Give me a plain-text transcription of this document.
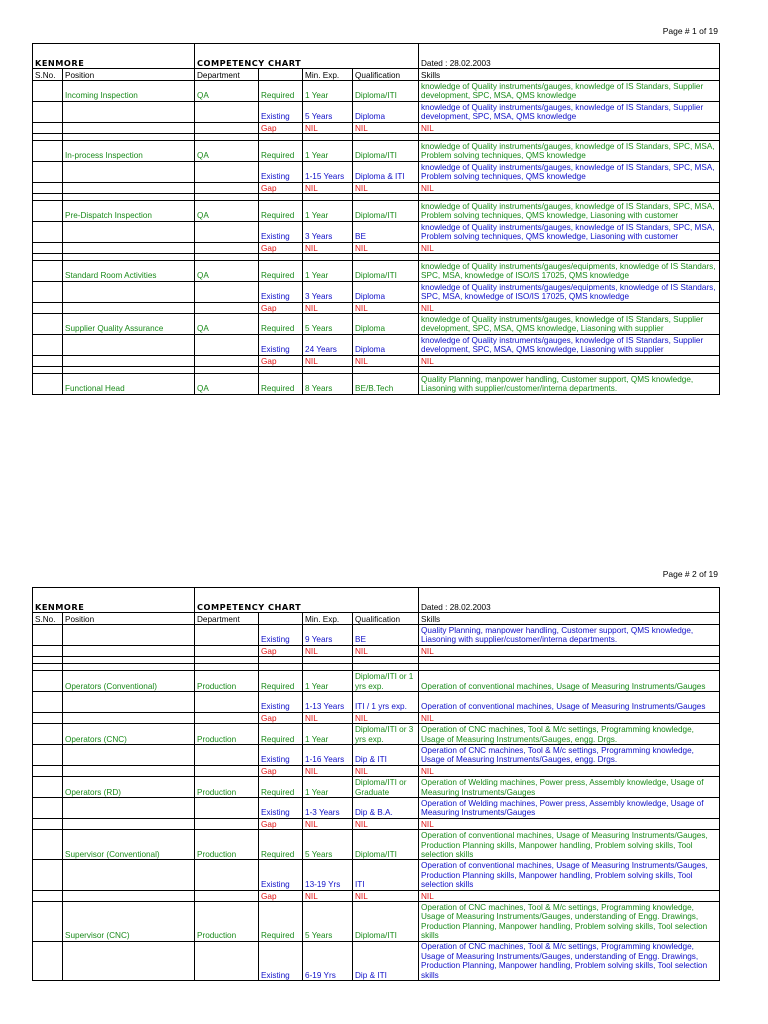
Page # 1 of 19
KENMORE		COMPETENCY CHART				Dated : 28.02.2003
S.No.	Position	Department		Min. Exp.	Qualification	Skills
	Incoming Inspection	QA	Required	1 Year	Diploma/ITI	knowledge of Quality instruments/gauges, knowledge of IS Standars, Supplier development, SPC, MSA, QMS knowledge
			Existing	5 Years	Diploma	knowledge of Quality instruments/gauges, knowledge of IS Standars, Supplier development, SPC, MSA, QMS knowledge
			Gap	NIL	NIL	NIL

	In-process Inspection	QA	Required	1 Year	Diploma/ITI	knowledge of Quality instruments/gauges, knowledge of IS Standars, SPC, MSA, Problem solving techniques, QMS knowledge
			Existing	1-15 Years	Diploma & ITI	knowledge of Quality instruments/gauges, knowledge of IS Standars, SPC, MSA, Problem solving techniques, QMS knowledge
			Gap	NIL	NIL	NIL

	Pre-Dispatch Inspection	QA	Required	1 Year	Diploma/ITI	knowledge of Quality instruments/gauges, knowledge of IS Standars, SPC, MSA, Problem solving techniques, QMS knowledge, Liasoning with customer
			Existing	3 Years	BE	knowledge of Quality instruments/gauges, knowledge of IS Standars, SPC, MSA, Problem solving techniques, QMS knowledge, Liasoning with customer
			Gap	NIL	NIL	NIL

	Standard Room Activities	QA	Required	1 Year	Diploma/ITI	knowledge of Quality instruments/gauges/equipments, knowledge of IS Standars, SPC, MSA, knowledge of ISO/IS 17025, QMS knowledge
			Existing	3 Years	Diploma	knowledge of Quality instruments/gauges/equipments, knowledge of IS Standars, SPC, MSA, knowledge of ISO/IS 17025, QMS knowledge
			Gap	NIL	NIL	NIL
	Supplier Quality Assurance	QA	Required	5 Years	Diploma	knowledge of Quality instruments/gauges, knowledge of IS Standars, Supplier development, SPC, MSA, QMS knowledge, Liasoning with supplier
			Existing	24 Years	Diploma	knowledge of Quality instruments/gauges, knowledge of IS Standars, Supplier development, SPC, MSA, QMS knowledge, Liasoning with supplier
			Gap	NIL	NIL	NIL

	Functional Head	QA	Required	8 Years	BE/B.Tech	Quality Planning, manpower handling, Customer support, QMS knowledge, Liasoning with supplier/customer/interna departments.
Page # 2 of 19
KENMORE		COMPETENCY CHART				Dated : 28.02.2003
S.No.	Position	Department		Min. Exp.	Qualification	Skills
			Existing	9 Years	BE	Quality Planning, manpower handling, Customer support, QMS knowledge, Liasoning with supplier/customer/interna departments.
			Gap	NIL	NIL	NIL

	Operators (Conventional)	Production	Required	1 Year	Diploma/ITI or 1 yrs exp.	Operation of conventional machines, Usage of Measuring Instruments/Gauges
			Existing	1-13 Years	ITI / 1 yrs exp.	Operation of conventional machines, Usage of Measuring Instruments/Gauges
			Gap	NIL	NIL	NIL
	Operators (CNC)	Production	Required	1 Year	Diploma/ITI or 3 yrs exp.	Operation of CNC machines, Tool & M/c settings, Programming knowledge, Usage of Measuring Instruments/Gauges, engg. Drgs.
			Existing	1-16 Years	Dip & ITI	Operation of CNC machines, Tool & M/c settings, Programming knowledge, Usage of Measuring Instruments/Gauges, engg. Drgs.
			Gap	NIL	NIL	NIL
	Operators (RD)	Production	Required	1 Year	Diploma/ITI or Graduate	Operation of Welding machines, Power press, Assembly knowledge, Usage of Measuring Instruments/Gauges
			Existing	1-3 Years	Dip & B.A.	Operation of Welding machines, Power press, Assembly knowledge, Usage of Measuring Instruments/Gauges
			Gap	NIL	NIL	NIL
	Supervisor (Conventional)	Production	Required	5 Years	Diploma/ITI	Operation of conventional machines, Usage of Measuring Instruments/Gauges, Production Planning skills, Manpower handling, Problem solving skills, Tool selection skills
			Existing	13-19 Yrs	ITI	Operation of conventional machines, Usage of Measuring Instruments/Gauges, Production Planning skills, Manpower handling, Problem solving skills, Tool selection skills
			Gap	NIL	NIL	NIL
	Supervisor (CNC)	Production	Required	5 Years	Diploma/ITI	Operation of CNC machines, Tool & M/c settings, Programming knowledge, Usage of Measuring Instruments/Gauges, understanding of Engg. Drawings, Production Planning, Manpower handling, Problem solving skills, Tool selection skills
			Existing	6-19 Yrs	Dip & ITI	Operation of CNC machines, Tool & M/c settings, Programming knowledge, Usage of Measuring Instruments/Gauges, understanding of Engg. Drawings, Production Planning, Manpower handling, Problem solving skills, Tool selection skills
